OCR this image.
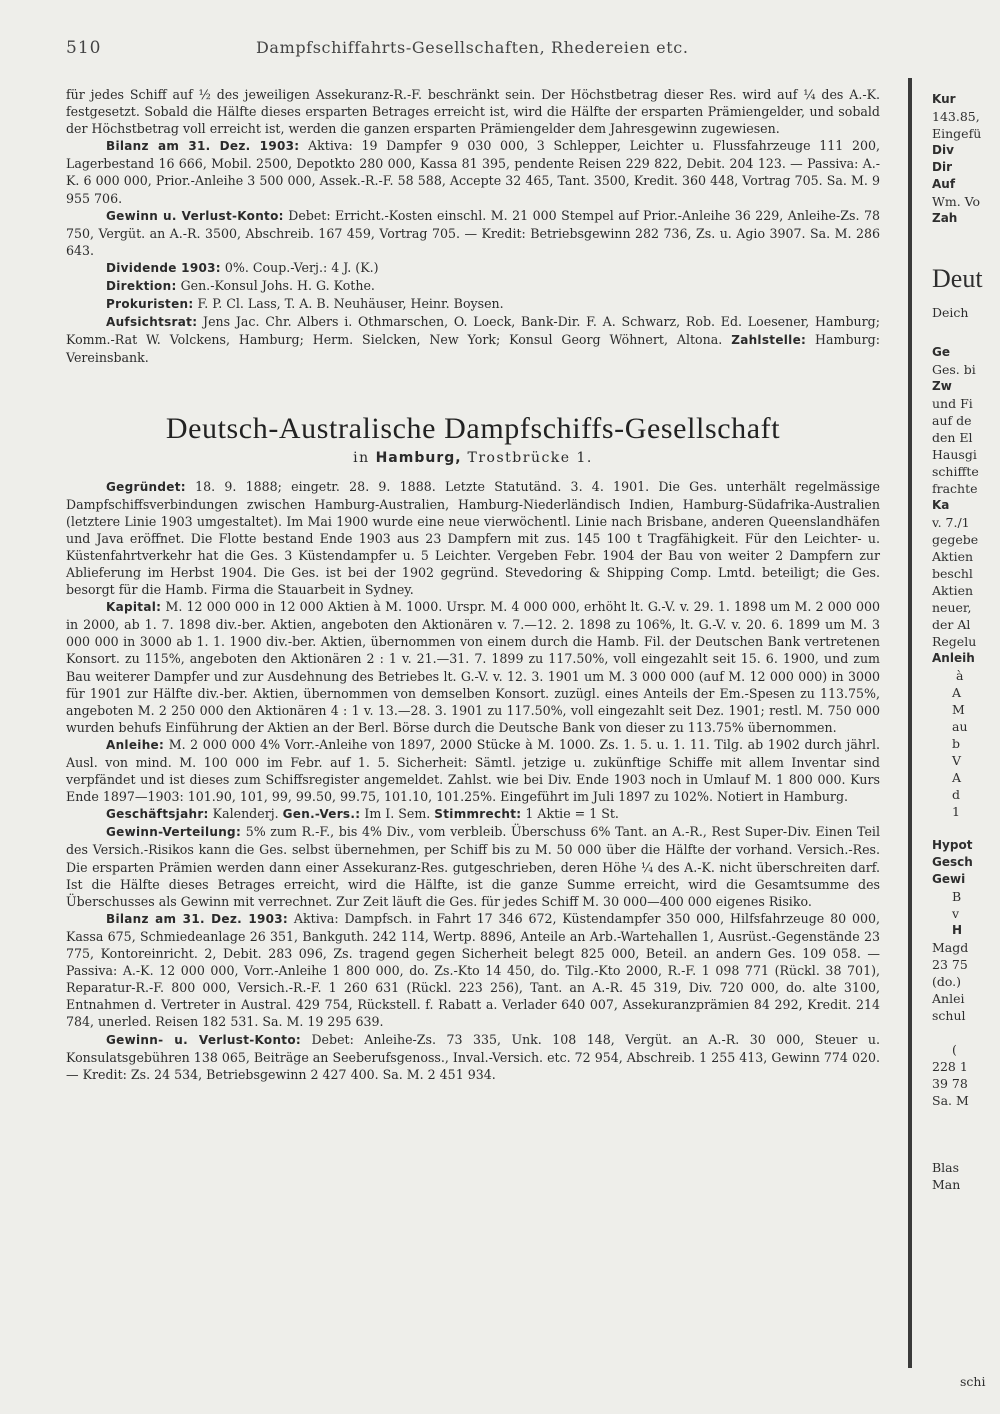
510	Dampfschiffahrts-Gesellschaften, Rhedereien etc.

für jedes Schiff auf ½ des jeweiligen Assekuranz-R.-F. beschränkt sein. Der Höchstbetrag dieser Res. wird auf ¼ des A.-K. festgesetzt. Sobald die Hälfte dieses ersparten Betrages erreicht ist, wird die Hälfte der ersparten Prämiengelder, und sobald der Höchstbetrag voll erreicht ist, werden die ganzen ersparten Prämiengelder dem Jahresgewinn zugewiesen.

Bilanz am 31. Dez. 1903: Aktiva: 19 Dampfer 9 030 000, 3 Schlepper, Leichter u. Flussfahrzeuge 111 200, Lagerbestand 16 666, Mobil. 2500, Depotkto 280 000, Kassa 81 395, pendente Reisen 229 822, Debit. 204 123. — Passiva: A.-K. 6 000 000, Prior.-Anleihe 3 500 000, Assek.-R.-F. 58 588, Accepte 32 465, Tant. 3500, Kredit. 360 448, Vortrag 705. Sa. M. 9 955 706.

Gewinn u. Verlust-Konto: Debet: Erricht.-Kosten einschl. M. 21 000 Stempel auf Prior.-Anleihe 36 229, Anleihe-Zs. 78 750, Vergüt. an A.-R. 3500, Abschreib. 167 459, Vortrag 705. — Kredit: Betriebsgewinn 282 736, Zs. u. Agio 3907. Sa. M. 286 643.

Dividende 1903: 0%. Coup.-Verj.: 4 J. (K.)

Direktion: Gen.-Konsul Johs. H. G. Kothe.

Prokuristen: F. P. Cl. Lass, T. A. B. Neuhäuser, Heinr. Boysen.

Aufsichtsrat: Jens Jac. Chr. Albers i. Othmarschen, O. Loeck, Bank-Dir. F. A. Schwarz, Rob. Ed. Loesener, Hamburg; Komm.-Rat W. Volckens, Hamburg; Herm. Sielcken, New York; Konsul Georg Wöhnert, Altona. Zahlstelle: Hamburg: Vereinsbank.

Deutsch-Australische Dampfschiffs-Gesellschaft
in Hamburg, Trostbrücke 1.

Gegründet: 18. 9. 1888; eingetr. 28. 9. 1888. Letzte Statutänd. 3. 4. 1901. Die Ges. unterhält regelmässige Dampfschiffsverbindungen zwischen Hamburg-Australien, Hamburg-Niederländisch Indien, Hamburg-Südafrika-Australien (letztere Linie 1903 umgestaltet). Im Mai 1900 wurde eine neue vierwöchentl. Linie nach Brisbane, anderen Queenslandhäfen und Java eröffnet. Die Flotte bestand Ende 1903 aus 23 Dampfern mit zus. 145 100 t Tragfähigkeit. Für den Leichter- u. Küstenfahrtverkehr hat die Ges. 3 Küstendampfer u. 5 Leichter. Vergeben Febr. 1904 der Bau von weiter 2 Dampfern zur Ablieferung im Herbst 1904. Die Ges. ist bei der 1902 gegründ. Stevedoring & Shipping Comp. Lmtd. beteiligt; die Ges. besorgt für die Hamb. Firma die Stauarbeit in Sydney.

Kapital: M. 12 000 000 in 12 000 Aktien à M. 1000. Urspr. M. 4 000 000, erhöht lt. G.-V. v. 29. 1. 1898 um M. 2 000 000 in 2000, ab 1. 7. 1898 div.-ber. Aktien, angeboten den Aktionären v. 7.—12. 2. 1898 zu 106%, lt. G.-V. v. 20. 6. 1899 um M. 3 000 000 in 3000 ab 1. 1. 1900 div.-ber. Aktien, übernommen von einem durch die Hamb. Fil. der Deutschen Bank vertretenen Konsort. zu 115%, angeboten den Aktionären 2 : 1 v. 21.—31. 7. 1899 zu 117.50%, voll eingezahlt seit 15. 6. 1900, und zum Bau weiterer Dampfer und zur Ausdehnung des Betriebes lt. G.-V. v. 12. 3. 1901 um M. 3 000 000 (auf M. 12 000 000) in 3000 für 1901 zur Hälfte div.-ber. Aktien, übernommen von demselben Konsort. zuzügl. eines Anteils der Em.-Spesen zu 113.75%, angeboten M. 2 250 000 den Aktionären 4 : 1 v. 13.—28. 3. 1901 zu 117.50%, voll eingezahlt seit Dez. 1901; restl. M. 750 000 wurden behufs Einführung der Aktien an der Berl. Börse durch die Deutsche Bank von dieser zu 113.75% übernommen.

Anleihe: M. 2 000 000 4% Vorr.-Anleihe von 1897, 2000 Stücke à M. 1000. Zs. 1. 5. u. 1. 11. Tilg. ab 1902 durch jährl. Ausl. von mind. M. 100 000 im Febr. auf 1. 5. Sicherheit: Sämtl. jetzige u. zukünftige Schiffe mit allem Inventar sind verpfändet und ist dieses zum Schiffsregister angemeldet. Zahlst. wie bei Div. Ende 1903 noch in Umlauf M. 1 800 000. Kurs Ende 1897—1903: 101.90, 101, 99, 99.50, 99.75, 101.10, 101.25%. Eingeführt im Juli 1897 zu 102%. Notiert in Hamburg.

Geschäftsjahr: Kalenderj. Gen.-Vers.: Im I. Sem. Stimmrecht: 1 Aktie = 1 St.

Gewinn-Verteilung: 5% zum R.-F., bis 4% Div., vom verbleib. Überschuss 6% Tant. an A.-R., Rest Super-Div. Einen Teil des Versich.-Risikos kann die Ges. selbst übernehmen, per Schiff bis zu M. 50 000 über die Hälfte der vorhand. Versich.-Res. Die ersparten Prämien werden dann einer Assekuranz-Res. gutgeschrieben, deren Höhe ¼ des A.-K. nicht überschreiten darf. Ist die Hälfte dieses Betrages erreicht, wird die Hälfte, ist die ganze Summe erreicht, wird die Gesamtsumme des Überschusses als Gewinn mit verrechnet. Zur Zeit läuft die Ges. für jedes Schiff M. 30 000—400 000 eigenes Risiko.

Bilanz am 31. Dez. 1903: Aktiva: Dampfsch. in Fahrt 17 346 672, Küstendampfer 350 000, Hilfsfahrzeuge 80 000, Kassa 675, Schmiedeanlage 26 351, Bankguth. 242 114, Wertp. 8896, Anteile an Arb.-Wartehallen 1, Ausrüst.-Gegenstände 23 775, Kontoreinricht. 2, Debit. 283 096, Zs. tragend gegen Sicherheit belegt 825 000, Beteil. an andern Ges. 109 058. — Passiva: A.-K. 12 000 000, Vorr.-Anleihe 1 800 000, do. Zs.-Kto 14 450, do. Tilg.-Kto 2000, R.-F. 1 098 771 (Rückl. 38 701), Reparatur-R.-F. 800 000, Versich.-R.-F. 1 260 631 (Rückl. 223 256), Tant. an A.-R. 45 319, Div. 720 000, do. alte 3100, Entnahmen d. Vertreter in Austral. 429 754, Rückstell. f. Rabatt a. Verlader 640 007, Assekuranzprämien 84 292, Kredit. 214 784, unerled. Reisen 182 531. Sa. M. 19 295 639.

Gewinn- u. Verlust-Konto: Debet: Anleihe-Zs. 73 335, Unk. 108 148, Vergüt. an A.-R. 30 000, Steuer u. Konsulatsgebühren 138 065, Beiträge an Seeberufsgenoss., Inval.-Versich. etc. 72 954, Abschreib. 1 255 413, Gewinn 774 020. — Kredit: Zs. 24 534, Betriebsgewinn 2 427 400. Sa. M. 2 451 934.

Kur
143.85,
Eingefü
Div
Dir
Auf
Wm. Vo
Zah
Deut
Deich
Ge
Ges. bi
Zw
und Fi
auf de
den El
Hausgi
schiffte
frachte
Ka
v. 7./1
gegebe
Aktien
beschl
Aktien
neuer,
der Al
Regelu
Anleih
à
A
M
au
b
V
A
d
1
Hypot
Gesch
Gewi
B
v
H
Magd
23 75
(do.)
Anlei
schul
(
228 1
39 78
Sa. M
Blas
Man
schi
